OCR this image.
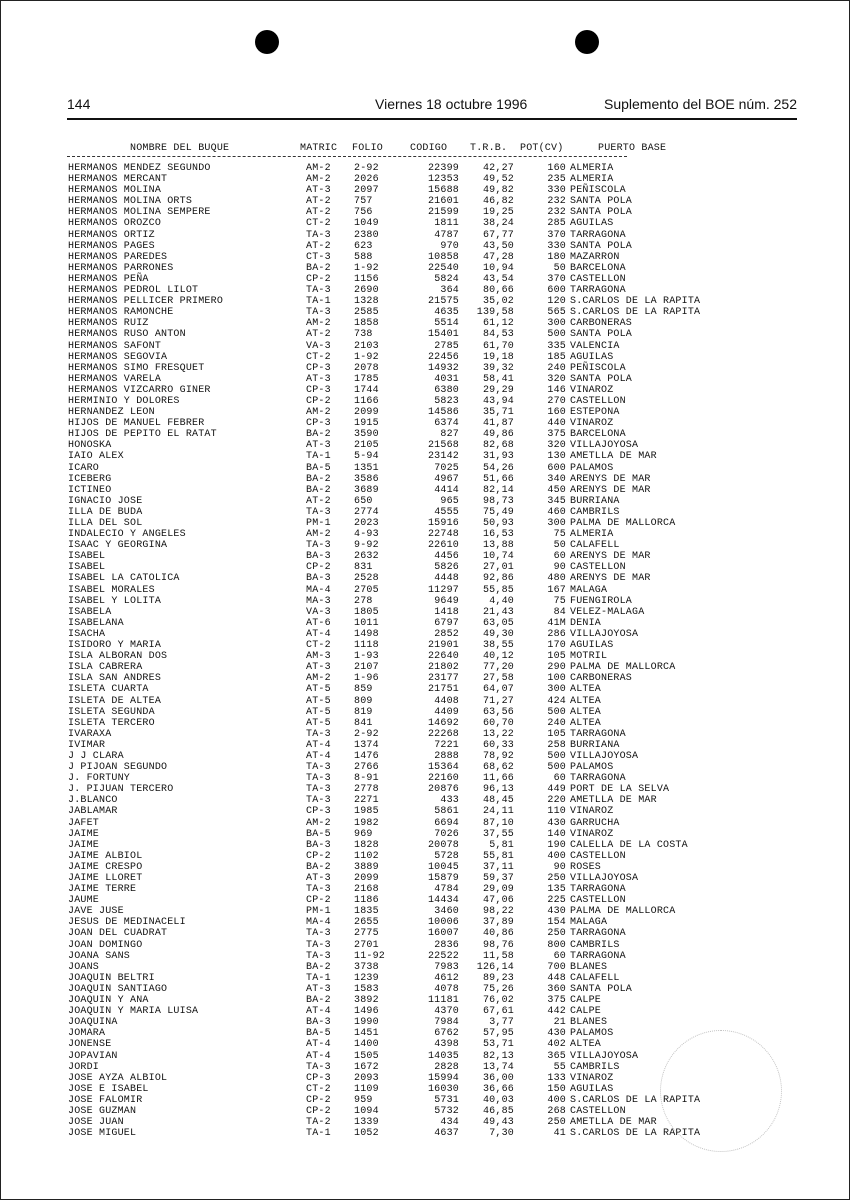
144	Viernes 18 octubre 1996	Suplemento del BOE núm. 252
NOMBRE DEL BUQUE	MATRIC FOLIO	CODIGO T.R.B. POT(CV)	PUERTO BASE
HERMANOS MENDEZ SEGUNDO	AM-2 2-92	22399	42,27	160 ALMERIA
HERMANOS MERCANT	AM-2 2026	12353	49,52	235 ALMERIA
HERMANOS MOLINA	AT-3 2097	15688	49,82	330 PEÑISCOLA
HERMANOS MOLINA ORTS	AT-2 757	21601	46,82	232 SANTA POLA
HERMANOS MOLINA SEMPERE	AT-2 756	21599	19,25	232 SANTA POLA
HERMANOS OROZCO	CT-2 1049	1811	38,24	285 AGUILAS
HERMANOS ORTIZ	TA-3 2380	4787	67,77	370 TARRAGONA
HERMANOS PAGES	AT-2 623	970	43,50	330 SANTA POLA
HERMANOS PAREDES	CT-3 588	10858	47,28	180 MAZARRON
HERMANOS PARRONES	BA-2 1-92	22540	10,94	50 BARCELONA
HERMANOS PEÑA	CP-2 1156	5824	43,54	370 CASTELLON
HERMANOS PEDROL LILOT	TA-3 2690	364	80,66	600 TARRAGONA
HERMANOS PELLICER PRIMERO	TA-1 1328	21575	35,02	120 S.CARLOS DE LA RAPITA
HERMANOS RAMONCHE	TA-3 2585	4635	139,58	565 S.CARLOS DE LA RAPITA
HERMANOS RUIZ	AM-2 1858	5514	61,12	300 CARBONERAS
HERMANOS RUSO ANTON	AT-2 738	15401	84,53	500 SANTA POLA
HERMANOS SAFONT	VA-3 2103	2785	61,70	335 VALENCIA
HERMANOS SEGOVIA	CT-2 1-92	22456	19,18	185 AGUILAS
HERMANOS SIMO FRESQUET	CP-3 2078	14932	39,32	240 PEÑISCOLA
HERMANOS VARELA	AT-3 1785	4031	58,41	320 SANTA POLA
HERMANOS VIZCARRO GINER	CP-3 1744	6380	29,29	146 VINAROZ
HERMINIO Y DOLORES	CP-2 1166	5823	43,94	270 CASTELLON
HERNANDEZ LEON	AM-2 2099	14586	35,71	160 ESTEPONA
HIJOS DE MANUEL FEBRER	CP-3 1915	6374	41,87	440 VINAROZ
HIJOS DE PEPITO EL RATAT	BA-2 3590	827	49,86	375 BARCELONA
HONOSKA	AT-3 2105	21568	82,68	320 VILLAJOYOSA
IAIO ALEX	TA-1 5-94	23142	31,93	130 AMETLLA DE MAR
ICARO	BA-5 1351	7025	54,26	600 PALAMOS
ICEBERG	BA-2 3586	4967	51,66	340 ARENYS DE MAR
ICTINEO	BA-2 3689	4414	82,14	450 ARENYS DE MAR
IGNACIO JOSE	AT-2 650	965	98,73	345 BURRIANA
ILLA DE BUDA	TA-3 2774	4555	75,49	460 CAMBRILS
ILLA DEL SOL	PM-1 2023	15916	50,93	300 PALMA DE MALLORCA
INDALECIO Y ANGELES	AM-2 4-93	22748	16,53	75 ALMERIA
ISAAC Y GEORGINA	TA-3 9-92	22610	13,88	50 CALAFELL
ISABEL	BA-3 2632	4456	10,74	60 ARENYS DE MAR
ISABEL	CP-2 831	5826	27,01	90 CASTELLON
ISABEL LA CATOLICA	BA-3 2528	4448	92,86	480 ARENYS DE MAR
ISABEL MORALES	MA-4 2705	11297	55,85	167 MALAGA
ISABEL Y LOLITA	MA-3 278	9649	4,40	75 FUENGIROLA
ISABELA	VA-3 1805	1418	21,43	84 VELEZ-MALAGA
ISABELANA	AT-6 1011	6797	63,05	41M DENIA
ISACHA	AT-4 1498	2852	49,30	286 VILLAJOYOSA
ISIDORO Y MARIA	CT-2 1118	21901	38,55	170 AGUILAS
ISLA ALBORAN DOS	AM-3 1-93	22640	40,12	105 MOTRIL
ISLA CABRERA	AT-3 2107	21802	77,20	290 PALMA DE MALLORCA
ISLA SAN ANDRES	AM-2 1-96	23177	27,58	100 CARBONERAS
ISLETA CUARTA	AT-5 859	21751	64,07	300 ALTEA
ISLETA DE ALTEA	AT-5 809	4408	71,27	424 ALTEA
ISLETA SEGUNDA	AT-5 819	4409	63,56	500 ALTEA
ISLETA TERCERO	AT-5 841	14692	60,70	240 ALTEA
IVARAXA	TA-3 2-92	22268	13,22	105 TARRAGONA
IVIMAR	AT-4 1374	7221	60,33	258 BURRIANA
J J CLARA	AT-4 1476	2888	78,92	500 VILLAJOYOSA
J PIJOAN SEGUNDO	TA-3 2766	15364	68,62	500 PALAMOS
J. FORTUNY	TA-3 8-91	22160	11,66	60 TARRAGONA
J. PIJUAN TERCERO	TA-3 2778	20876	96,13	449 PORT DE LA SELVA
J.BLANCO	TA-3 2271	433	48,45	220 AMETLLA DE MAR
JABLAMAR	CP-3 1985	5861	24,11	110 VINAROZ
JAFET	AM-2 1982	6694	87,10	430 GARRUCHA
JAIME	BA-5 969	7026	37,55	140 VINAROZ
JAIME	BA-3 1828	20078	5,81	190 CALELLA DE LA COSTA
JAIME ALBIOL	CP-2 1102	5728	55,81	400 CASTELLON
JAIME CRESPO	BA-2 3889	10045	37,11	90 ROSES
JAIME LLORET	AT-3 2099	15879	59,37	250 VILLAJOYOSA
JAIME TERRE	TA-3 2168	4784	29,09	135 TARRAGONA
JAUME	CP-2 1186	14434	47,06	225 CASTELLON
JAVE JUSE	PM-1 1835	3460	98,22	430 PALMA DE MALLORCA
JESUS DE MEDINACELI	MA-4 2655	10006	37,89	154 MALAGA
JOAN DEL CUADRAT	TA-3 2775	16007	40,86	250 TARRAGONA
JOAN DOMINGO	TA-3 2701	2836	98,76	800 CAMBRILS
JOANA SANS	TA-3 11-92	22522	11,58	60 TARRAGONA
JOANS	BA-2 3738	7983	126,14	700 BLANES
JOAQUIN BELTRI	TA-1 1239	4612	89,23	448 CALAFELL
JOAQUIN SANTIAGO	AT-3 1583	4078	75,26	360 SANTA POLA
JOAQUIN Y ANA	BA-2 3892	11181	76,02	375 CALPE
JOAQUIN Y MARIA LUISA	AT-4 1496	4370	67,61	442 CALPE
JOAQUINA	BA-3 1990	7984	3,77	21 BLANES
JOMARA	BA-5 1451	6762	57,95	430 PALAMOS
JONENSE	AT-4 1400	4398	53,71	402 ALTEA
JOPAVIAN	AT-4 1505	14035	82,13	365 VILLAJOYOSA
JORDI	TA-3 1672	2828	13,74	55 CAMBRILS
JOSE AYZA ALBIOL	CP-3 2093	15994	36,00	133 VINAROZ
JOSE E ISABEL	CT-2 1109	16030	36,66	150 AGUILAS
JOSE FALOMIR	CP-2 959	5731	40,03	400 S.CARLOS DE LA RAPITA
JOSE GUZMAN	CP-2 1094	5732	46,85	268 CASTELLON
JOSE JUAN	TA-2 1339	434	49,43	250 AMETLLA DE MAR
JOSE MIGUEL	TA-1 1052	4637	7,30	41 S.CARLOS DE LA RAPITA
